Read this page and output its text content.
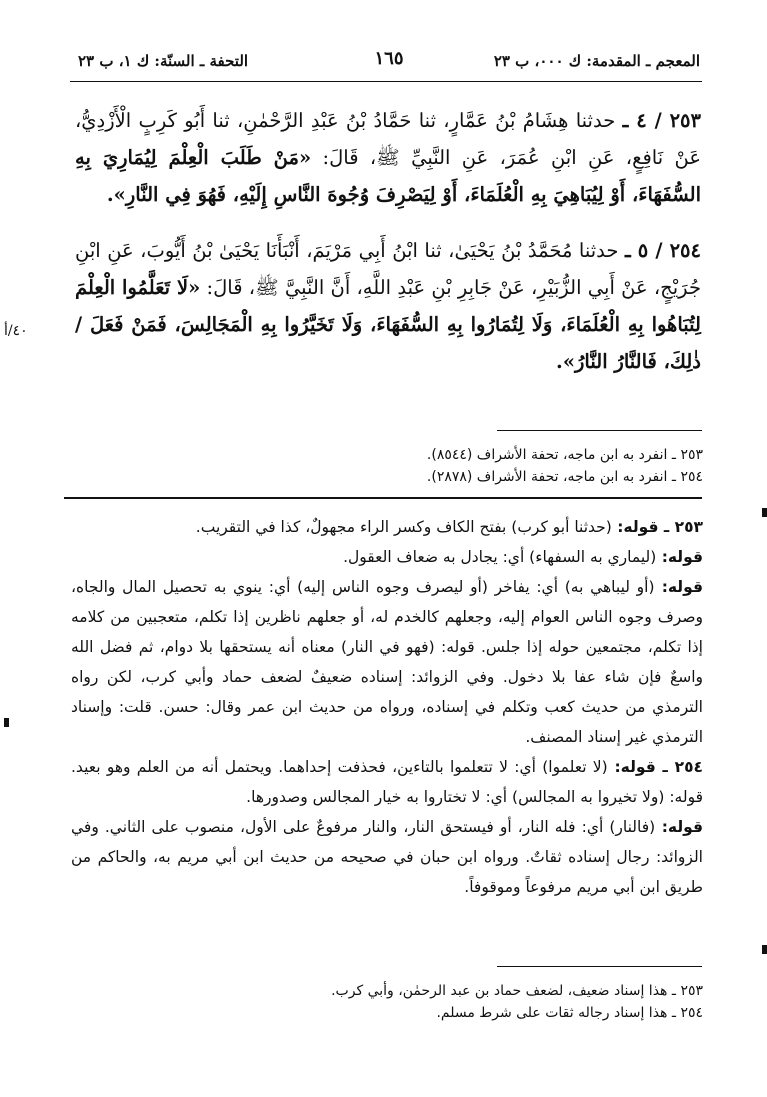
المعجم ـ المقدمة: ك ٠٠٠، ب ٢٣
١٦٥
التحفة ـ السنّة: ك ١، ب ٢٣
٢٥٣ / ٤ ـ حدثنا هِشَامُ بْنُ عَمَّارٍ، ثنا حَمَّادُ بْنُ عَبْدِ الرَّحْمٰنِ، ثنا أَبُو كَرِبٍ الْأَزْدِيُّ، عَنْ نَافِعٍ، عَنِ ابْنِ عُمَرَ، عَنِ النَّبِيِّ ﷺ، قَالَ: «مَنْ طَلَبَ الْعِلْمَ لِيُمَارِيَ بِهِ السُّفَهَاءَ، أَوْ لِيُبَاهِيَ بِهِ الْعُلَمَاءَ، أَوْ لِيَصْرِفَ وُجُوهَ النَّاسِ إِلَيْهِ، فَهُوَ فِي النَّارِ».
٢٥٤ / ٥ ـ حدثنا مُحَمَّدُ بْنُ يَحْيَىٰ، ثنا ابْنُ أَبِي مَرْيَمَ، أَنْبَأَنَا يَحْيَىٰ بْنُ أَيُّوبَ، عَنِ ابْنِ جُرَيْجٍ، عَنْ أَبِي الزُّبَيْرِ، عَنْ جَابِرِ بْنِ عَبْدِ اللَّهِ، أَنَّ النَّبِيَّ ﷺ، قَالَ: «لَا تَعَلَّمُوا الْعِلْمَ لِتُبَاهُوا بِهِ الْعُلَمَاءَ، وَلَا لِتُمَارُوا بِهِ السُّفَهَاءَ، وَلَا تَخَيَّرُوا بِهِ الْمَجَالِسَ، فَمَنْ فَعَلَ / ذٰلِكَ، فَالنَّارُ النَّارُ».
٤٠/أ
٢٥٣ ـ انفرد به ابن ماجه، تحفة الأشراف (٨٥٤٤).
٢٥٤ ـ انفرد به ابن ماجه، تحفة الأشراف (٢٨٧٨).

٢٥٣ ـ قوله: (حدثنا أبو كرب) بفتح الكاف وكسر الراء مجهولٌ، كذا في التقريب.

قوله: (ليماري به السفهاء) أي: يجادل به ضعاف العقول.

قوله: (أو ليباهي به) أي: يفاخر (أو ليصرف وجوه الناس إليه) أي: ينوي به تحصيل المال والجاه، وصرف وجوه الناس العوام إليه، وجعلهم كالخدم له، أو جعلهم ناظرين إذا تكلم، متعجبين من كلامه إذا تكلم، مجتمعين حوله إذا جلس. قوله: (فهو في النار) معناه أنه يستحقها بلا دوام، ثم فضل الله واسعٌ فإن شاء عفا بلا دخول. وفي الزوائد: إسناده ضعيفٌ لضعف حماد وأبي كرب، لكن رواه الترمذي من حديث كعب وتكلم في إسناده، ورواه من حديث ابن عمر وقال: حسن. قلت: وإسناد الترمذي غير إسناد المصنف.

٢٥٤ ـ قوله: (لا تعلموا) أي: لا تتعلموا بالتاءين، فحذفت إحداهما. ويحتمل أنه من العلم وهو بعيد. قوله: (ولا تخيروا به المجالس) أي: لا تختاروا به خيار المجالس وصدورها.

قوله: (فالنار) أي: فله النار، أو فيستحق النار، والنار مرفوعٌ على الأول، منصوب على الثاني. وفي الزوائد: رجال إسناده ثقاتٌ. ورواه ابن حبان في صحيحه من حديث ابن أبي مريم به، والحاكم من طريق ابن أبي مريم مرفوعاً وموقوفاً.

٢٥٣ ـ هذا إسناد ضعيف، لضعف حماد بن عبد الرحمٰن، وأبي كرب.
٢٥٤ ـ هذا إسناد رجاله ثقات على شرط مسلم.
